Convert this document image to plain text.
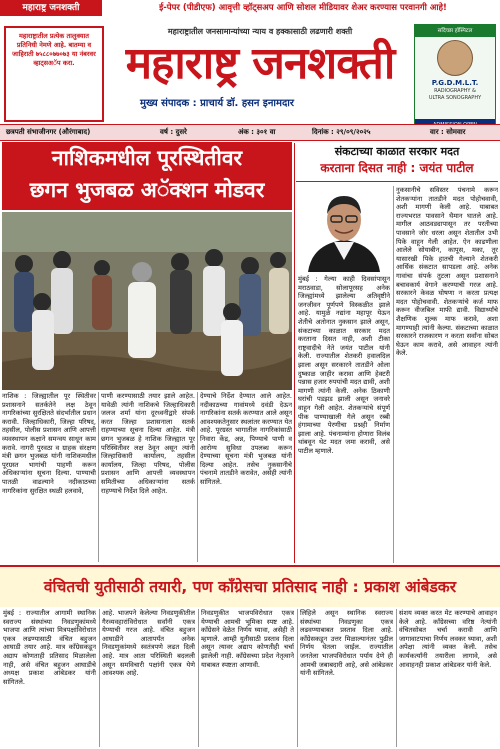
महाराष्ट्र जनशक्ती	ई-पेपर (पीडीएफ) आवृत्ती व्हॉट्सअप आणि सोशल मीडियावर शेअर करण्यास परवानगी आहे!
महाराष्ट्रातील प्रत्येक तालुक्यात प्रतिनिधी नेमणे आहे. बातम्या व जाहिराती ७५८८०७७०७३ या नंबरवर व्हाट्सअॅप करा.
महाराष्ट्रातील जनसामान्यांच्या न्याय व हक्कासाठी लढणारी शक्ती
महाराष्ट्र जनशक्ती
मुख्य संपादक : प्राचार्य डॉ. हसन इनामदार
सदिच्छा हॉस्पिटल
P.G.D.M.L.T.
RADIOGRAPHY &
ULTRA SONOGRAPHY
छत्रपती संभाजीनगर (औरंगाबाद)	वर्ष : दुसरे	अंक : ३०१ वा	दिनांक : २९/०९/२०२५	वार : सोमवार
नाशिकमधील पूरस्थितीवर
छगन भुजबळ अॅक्शन मोडवर
नाशिक : जिल्ह्यातील पूर स्थितीवर प्रशासनाने सतर्कतेने लक्ष ठेवून नागरिकांच्या सुरक्षितते संदर्भातील प्रधान करावी. जिल्हाधिकारी, जिल्हा परिषद, तहसील, पोलीस प्रशासन आणि आपत्ती व्यवस्थापन कक्षाने समन्वय साधून काम करावे. नागरी पुरवठा व ग्राहक संरक्षण मंत्री छगन भुजबळ यांनी नाशिकमधील पूरग्रस्त भागांची पाहणी करून अधिकाऱ्यांना सूचना दिल्या. पाण्याची पातळी वाढल्याने नदीकाठच्या नागरिकांना सुरक्षित स्थळी हलवावे,
पाणी करण्यासाठी तयार झाले आहेत. यावेळी त्यांनी नाशिकचे जिल्हाधिकारी जलज शर्मा यांना दूरध्वनीद्वारे संपर्क करत जिल्हा प्रशासनाला सतर्क राहण्याच्या सूचना दिल्या आहेत. मंत्री छगन भुजबळ हे नाशिक जिल्ह्यात पूर परिस्थितीवर लक्ष ठेवून असून त्यांनी जिल्हाधिकारी कार्यालय, तहसील कार्यालय, जिल्हा परिषद, पोलीस प्रशासन आणि आपत्ती व्यवस्थापन समितीच्या अधिकाऱ्यांना सतर्क राहण्याचे निर्देश दिले आहेत.
देण्याचे निर्देश देण्यात आले आहेत. नदीकाठच्या गावांमध्ये दवंडी देऊन नागरिकांना सतर्क करण्यात आले असून आवश्यकतेनुसार स्थलांतर करण्यात येत आहे. पूरग्रस्त भागातील नागरिकांसाठी निवारा केंद्र, अन्न, पिण्याचे पाणी व आरोग्य सुविधा उपलब्ध करून देण्याच्या सूचना मंत्री भुजबळ यांनी दिल्या आहेत. तसेच नुकसानीचे पंचनामे तातडीने करावेत, असेही त्यांनी सांगितले.
संकटाच्या काळात सरकार मदत
करताना दिसत नाही : जयंत पाटील
मुंबई : गेल्या काही दिवसांपासून मराठवाडा, सोलापूरसह अनेक जिल्ह्यांमध्ये झालेल्या अतिवृष्टीने जनजीवन पूर्णपणे विस्कळीत झाले आहे. यामुळे नद्यांना महापूर येऊन शेतीचे अतोनात नुकसान झाले असून, संकटाच्या काळात सरकार मदत करताना दिसत नाही, अशी टीका राष्ट्रवादीचे नेते जयंत पाटील यांनी केली. राज्यातील शेतकरी हवालदिल झाला असून सरकारने तातडीने ओला दुष्काळ जाहीर करावा आणि हेक्टरी पन्नास हजार रुपयांची मदत द्यावी, अशी मागणी त्यांनी केली. अनेक ठिकाणी घरांची पडझड झाली असून जनावरे वाहून गेली आहेत. शेतकऱ्यांचे संपूर्ण पीक पाण्याखाली गेले असून रब्बी हंगामाच्या पेरणीचा प्रश्नही निर्माण झाला आहे. पंचनाम्यांना होणारा विलंब थांबवून थेट मदत जमा करावी, असे पाटील म्हणाले.
नुकसानीचे सविस्तर पंचनामे करून शेतकऱ्यांना तातडीने मदत पोहोचवावी, अशी मागणी केली आहे. याबाबत राज्यभरात पावसाने थैमान घातले आहे. मागील आठवड्यापासून तर परतीच्या पावसाने जोर धरला असून शेतातील उभी पिके वाहून गेली आहेत. ऐन काढणीला आलेले सोयाबीन, कापूस, मका, तूर यासारखी पिके हातची गेल्याने शेतकरी आर्थिक संकटात सापडला आहे. अनेक गावांचा संपर्क तुटला असून प्रशासनाने बचावकार्य वेगाने करण्याची गरज आहे. सरकारने केवळ घोषणा न करता प्रत्यक्ष मदत पोहोचवावी. शेतकऱ्यांचे कर्ज माफ करून वीजबिल माफी द्यावी. विद्यार्थ्यांचे शैक्षणिक शुल्क माफ करावे, अशा मागण्याही त्यांनी केल्या. संकटाच्या काळात सरकारने राजकारण न करता सर्वांना सोबत घेऊन काम करावे, असे आवाहन त्यांनी केले.
वंचितची युतीसाठी तयारी, पण काँग्रेसचा प्रतिसाद नाही : प्रकाश आंबेडकर
मुंबई : राज्यातील आगामी स्थानिक स्वराज्य संस्थांच्या निवडणुकांमध्ये भाजपा आणि त्यांच्या मित्रपक्षांविरोधात एकत्र लढण्यासाठी वंचित बहुजन आघाडी तयार आहे. मात्र काँग्रेसकडून अद्याप कोणताही प्रतिसाद मिळालेला नाही, असे वंचित बहुजन आघाडीचे अध्यक्ष प्रकाश आंबेडकर यांनी सांगितले.
आहे. भाजपने केलेल्या निवडणुकीतील गैरव्यवहारांविरोधात सर्वांनी एकत्र येण्याची गरज आहे. वंचित बहुजन आघाडीने आतापर्यंत अनेक निवडणुकांमध्ये स्वतंत्रपणे लढत दिली आहे. मात्र आता परिस्थिती बदलली असून समविचारी पक्षांनी एकत्र येणे आवश्यक आहे.
निवडणुकीत भाजपविरोधात एकत्र येण्याची आमची भूमिका स्पष्ट आहे. काँग्रेसने वेळेत निर्णय घ्यावा, असेही ते म्हणाले. आम्ही युतीसाठी प्रस्ताव दिला असून त्यावर अद्याप कोणतीही चर्चा झालेली नाही. काँग्रेसच्या प्रदेश नेतृत्वाने याबाबत स्पष्टता आणावी.
लिहिले असून स्थानिक स्वराज्य संस्थांच्या निवडणुका एकत्र लढवण्याबाबत प्रस्ताव दिला आहे. काँग्रेसकडून उत्तर मिळाल्यानंतर पुढील निर्णय घेतला जाईल. राज्यातील जनतेला भाजपविरोधात पर्याय देणे ही आमची जबाबदारी आहे, असे आंबेडकर यांनी सांगितले.
संशय व्यक्त करत मेट करण्याचे आवाहन केले आहे. काँग्रेसच्या वरिष्ठ नेत्यांनी वंचितसोबत चर्चा करावी आणि जागावाटपाचा निर्णय लवकर घ्यावा, अशी अपेक्षा त्यांनी व्यक्त केली. तसेच कार्यकर्त्यांनी तयारीला लागावे, असे आवाहनही प्रकाश आंबेडकर यांनी केले.
